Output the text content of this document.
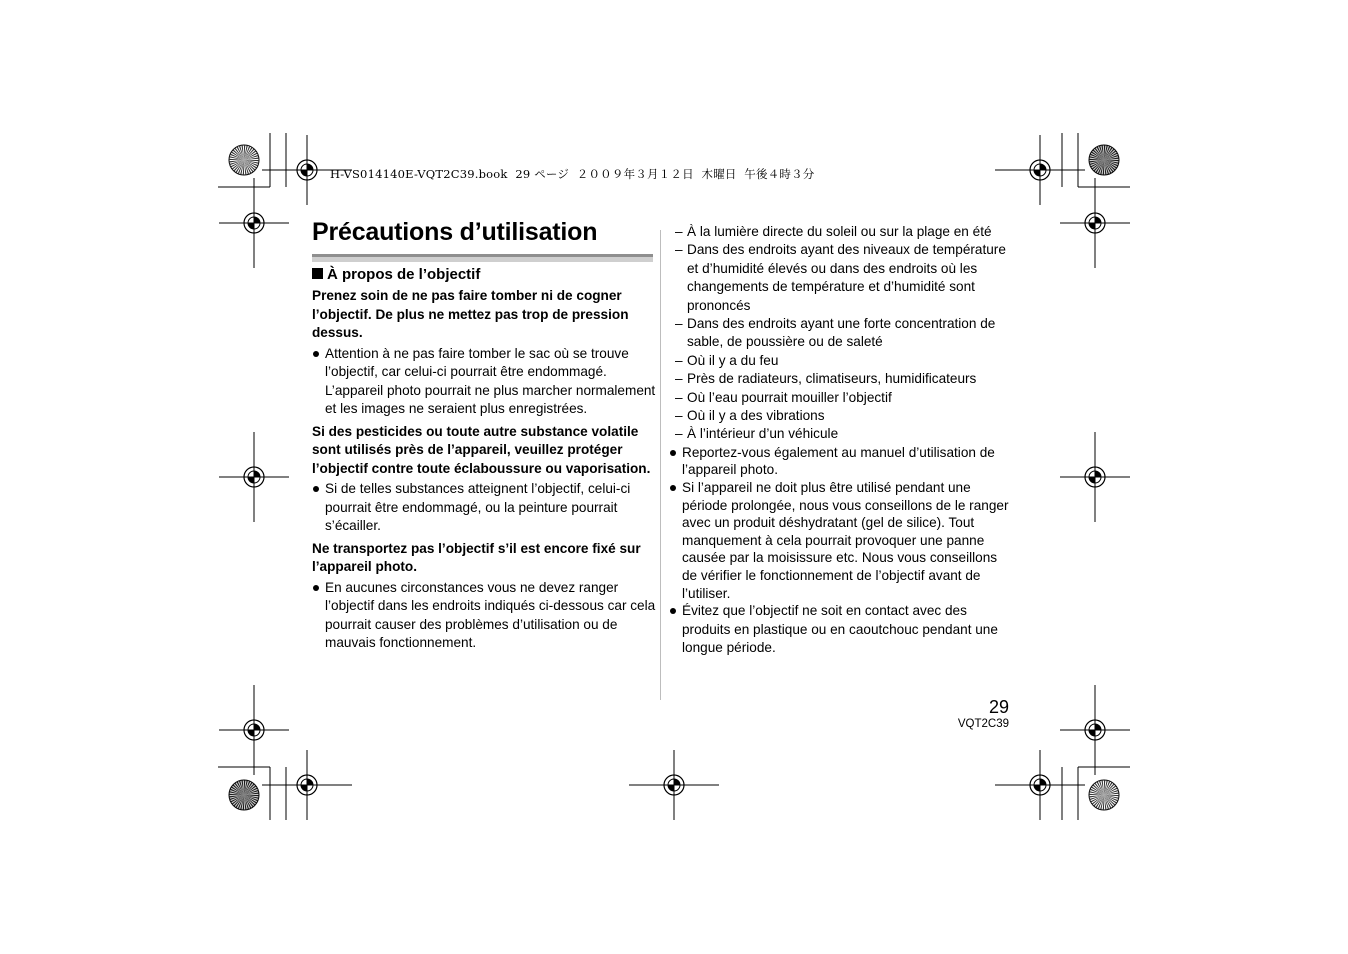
H-VS014140E-VQT2C39.book  29 ページ  ２００９年３月１２日  木曜日  午後４時３分
Précautions d’utilisation
À propos de l’objectif

Prenez soin de ne pas faire tomber ni de cogner l’objectif. De plus ne mettez pas trop de pression dessus.

Attention à ne pas faire tomber le sac où se trouve l’objectif, car celui-ci pourrait être endommagé. L’appareil photo pourrait ne plus marcher normalement et les images ne seraient plus enregistrées.

Si des pesticides ou toute autre substance volatile sont utilisés près de l’appareil, veuillez protéger l’objectif contre toute éclaboussure ou vaporisation.

Si de telles substances atteignent l’objectif, celui-ci pourrait être endommagé, ou la peinture pourrait s’écailler.

Ne transportez pas l’objectif s’il est encore fixé sur l’appareil photo.

En aucunes circonstances vous ne devez ranger l’objectif dans les endroits indiqués ci-dessous car cela pourrait causer des problèmes d’utilisation ou de mauvais fonctionnement.

– À la lumière directe du soleil ou sur la plage en été
– Dans des endroits ayant des niveaux de température et d’humidité élevés ou dans des endroits où les changements de température et d’humidité sont prononcés
– Dans des endroits ayant une forte concentration de sable, de poussière ou de saleté
– Où il y a du feu
– Près de radiateurs, climatiseurs, humidificateurs
– Où l’eau pourrait mouiller l’objectif
– Où il y a des vibrations
– À l’intérieur d’un véhicule

Reportez-vous également au manuel d’utilisation de l’appareil photo.

Si l’appareil ne doit plus être utilisé pendant une période prolongée, nous vous conseillons de le ranger avec un produit déshydratant (gel de silice). Tout manquement à cela pourrait provoquer une panne causée par la moisissure etc. Nous vous conseillons de vérifier le fonctionnement de l’objectif avant de l’utiliser.

Évitez que l’objectif ne soit en contact avec des produits en plastique ou en caoutchouc pendant une longue période.

29
VQT2C39
